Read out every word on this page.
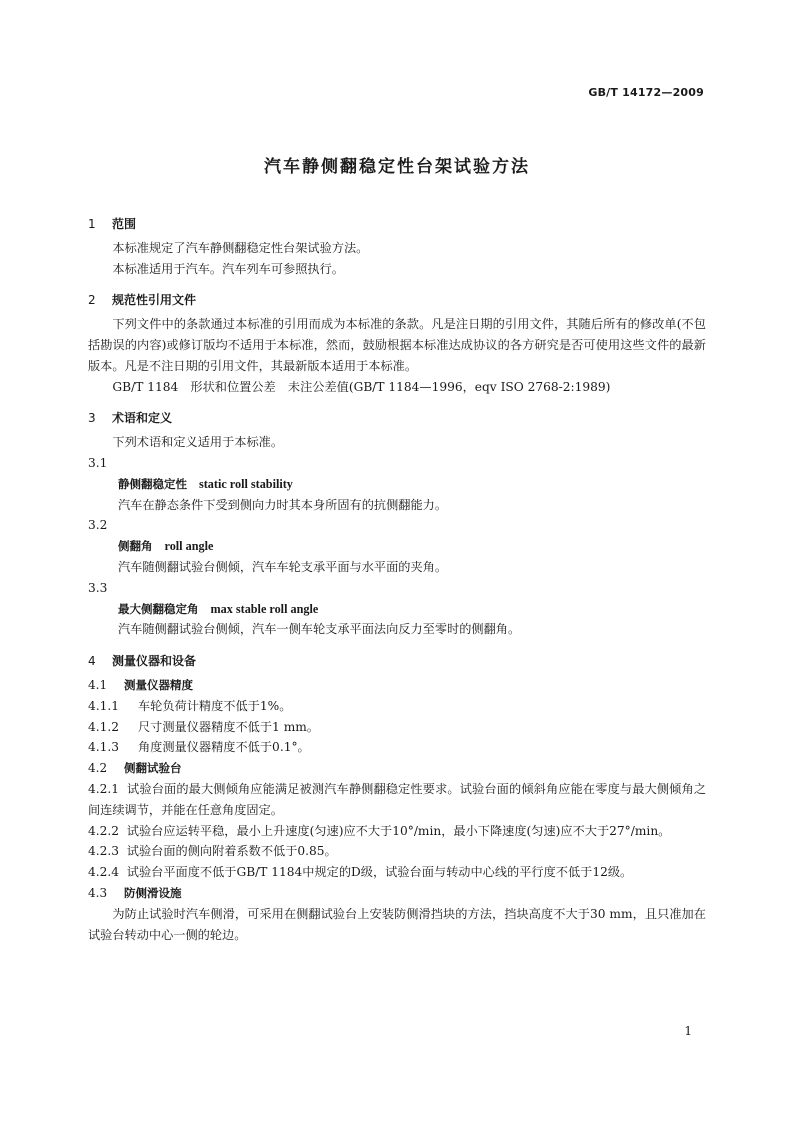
GB/T 14172—2009
汽车静侧翻稳定性台架试验方法

1 范围

本标准规定了汽车静侧翻稳定性台架试验方法。

本标准适用于汽车。汽车列车可参照执行。

2 规范性引用文件

下列文件中的条款通过本标准的引用而成为本标准的条款。凡是注日期的引用文件，其随后所有的修改单(不包括勘误的内容)或修订版均不适用于本标准，然而，鼓励根据本标准达成协议的各方研究是否可使用这些文件的最新版本。凡是不注日期的引用文件，其最新版本适用于本标准。

GB/T 1184　形状和位置公差　未注公差值(GB/T 1184—1996，eqv ISO 2768-2:1989)

3 术语和定义

下列术语和定义适用于本标准。

3.1

静侧翻稳定性 static roll stability

汽车在静态条件下受到侧向力时其本身所固有的抗侧翻能力。

3.2

侧翻角 roll angle

汽车随侧翻试验台侧倾，汽车车轮支承平面与水平面的夹角。

3.3

最大侧翻稳定角 max stable roll angle

汽车随侧翻试验台侧倾，汽车一侧车轮支承平面法向反力至零时的侧翻角。

4 测量仪器和设备

4.1 测量仪器精度

4.1.1 车轮负荷计精度不低于1%。

4.1.2 尺寸测量仪器精度不低于1 mm。

4.1.3 角度测量仪器精度不低于0.1°。

4.2 侧翻试验台

4.2.1 试验台面的最大侧倾角应能满足被测汽车静侧翻稳定性要求。试验台面的倾斜角应能在零度与最大侧倾角之间连续调节，并能在任意角度固定。

4.2.2 试验台应运转平稳，最小上升速度(匀速)应不大于10°/min，最小下降速度(匀速)应不大于27°/min。

4.2.3 试验台面的侧向附着系数不低于0.85。

4.2.4 试验台平面度不低于GB/T 1184中规定的D级，试验台面与转动中心线的平行度不低于12级。

4.3 防侧滑设施

为防止试验时汽车侧滑，可采用在侧翻试验台上安装防侧滑挡块的方法，挡块高度不大于30 mm，且只准加在试验台转动中心一侧的轮边。

1
